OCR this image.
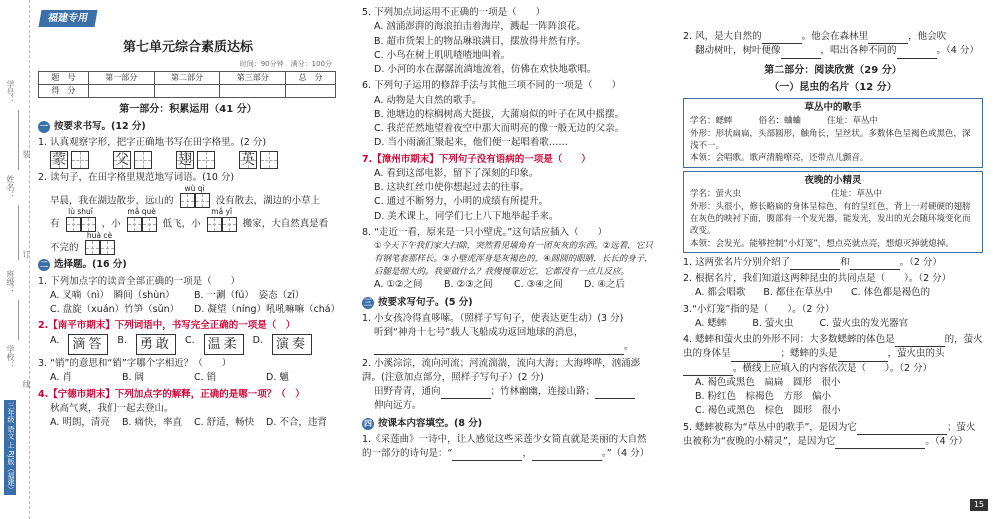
学号：
姓名：
班级：
学校：
装
订
线
三年级 语文 上 RJ版（福建）
福建专用
第七单元综合素质达标
时间：90分钟　满分：100分
题　号	第一部分	第二部分	第三部分	总　分
得　分				
第一部分：积累运用（41 分）
一 按要求书写。(12 分)
1. 认真观察字形，把字正确地书写在田字格里。(2 分)
蒙	父	翅	英
2. 读句子，在田字格里规范地写词语。(10 分)
早晨，我在湖边散步，远山的
wù qì
没有散去，湖边的小草上
有
lù shuǐ
，小
mǎ què
低飞，小
mǎ yǐ
搬家，大自然真是看
不完的
huà cè
二 选择题。(16 分)
1. 下列加点字的读音全部正确的一项是（　　）
A. 叉嘀（nì）　瞬间（shùn）	B. 一涮（fú）　姿态（zī）
C. 盘旋（xuán）竹笋（sǔn）	D. 凝望（níng）吼吼嘛嘛（chá）
2.【南平市期末】下列词语中，书写完全正确的一项是（　）
A.	滴答	B.	勇敢	C.	温柔	D.	演奏
3. “销”的意思和“销”字哪个字相近？（　　）
A. 肖	B. 阔	C. 销	D. 魑
4.【宁德市期末】下列加点字的解释，正确的是哪一项？（　）
秋高气爽，我们一起去登山。
A. 明朗，清亮	B. 痛快，率直	C. 舒适，畅快	D. 不合，违背
5. 下列加点词运用不正确的一项是（　　）
A. 汹涌澎湃的海浪拍击着海岸，溅起一阵阵浪花。
B. 超市货架上的物品琳琅满目，摆放得井然有序。
C. 小鸟在树上叽叽喳喳地叫着。
D. 小河的水在潺潺流淌地流着，仿佛在欢快地歌唱。
6. 下列句子运用的修辞手法与其他三项不同的一项是（　　）
A. 动物是大自然的歌手。
B. 池塘边的棕榈树高大挺拔，大蒲扇似的叶子在风中摇摆。
C. 我茫茫然地望着夜空中那大而明亮的像一般无边的父亲。
D. 当小雨滴汇聚起来，他们便一起唱着歌……
7.【漳州市期末】下列句子没有语病的一项是（　　）
A. 看到这部电影，留下了深刻的印象。
B. 这块红丝巾使你想起过去的往事。
C. 通过不断努力，小明的成绩有所提升。
D. 美术课上，同学们七上八下地举起手来。
8. “走近一看，原来是一只小壁虎。”这句话应插入（　　）
①今天下午我们家大扫除，突然看见墙角有一团灰灰的东西。②远看，它只有钢笔套那样长。③小壁虎浑身是灰褐色的，④圆圆的眼睛，长长的身子，后腿是细大的。我要做什么？我慢慢靠近它，它都没有一点儿反应。
A. ①②之间	B. ②③之间	C. ③④之间	D. ④之后
三 按要求写句子。(5 分)
1. 小女孩冷得直哆嗦。（照样子写句子，使表达更生动）(3 分)
听到“神舟十七号”载人飞船成功返回地球的消息，
。
2. 小溪淙淙，流向河流；河流湍湍，流向大海；大海哗哗，汹涌澎湃。(注意加点部分，照样子写句子）(2 分)
田野青青，通向	；竹林幽幽，连接山路；
伸向远方。
四 按课本内容填空。(8 分)
1.《采莲曲》一诗中，让人感觉这些采莲少女简直就是美丽的大自然的一部分的诗句是：“	，	。”（4 分）
2. 风，是大自然的	。他会在森林里	，他会吹
翻动树叶，树叶便像	，唱出各种不同的	。（4 分）
第二部分：阅读欣赏（29 分）
（一）昆虫的名片（12 分）
草丛中的歌手
学名：蟋蟀	俗名：蛐蛐	住址：草丛中
外形：形状扁扁，头部圆形，触角长，呈丝状。多数体色呈褐色或黑色，深浅不一。
本领：会唱歌。歌声清脆嘹亮，还带点儿颤音。
夜晚的小精灵
学名：萤火虫	住址：草丛中
外形：头很小，修长略扁的身体呈棕色，有的呈红色，背上一对硬硬的翅膀在灰色的映衬下面，腹部有一个发光器，能发光，发出的光会随环境变化而改变。
本领：会发光。能够控制“小灯笼”，想点亮就点亮，想熄灭掉就熄掉。
1. 这两张名片分别介绍了	和	。（2 分）
2. 根据名片，我们知道这两种昆虫的共同点是（　　）。（2 分）
A. 都会唱歌 B. 都住在草丛中 C. 体色都是褐色的
3.“小灯笼”指的是（　　）。（2 分）
A. 蟋蟀	B. 萤火虫	C. 萤火虫的发光器官
4. 蟋蟀和萤火虫的外形不同：大多数蟋蟀的体色是	的，萤火虫的身体呈	；蟋蟀的头是	，萤火虫的头。横线上应填入的内容依次是（　　）。（2 分）
A. 褐色或黑色　扁扁　圆形　很小
B. 粉红色　棕褐色　方形　偏小
C. 褐色或黑色　棕色　圆形　很小
5. 蟋蟀被称为“草丛中的歌手”，是因为它	；萤火虫被称为“夜晚的小精灵”，是因为它	。（4 分）
15
